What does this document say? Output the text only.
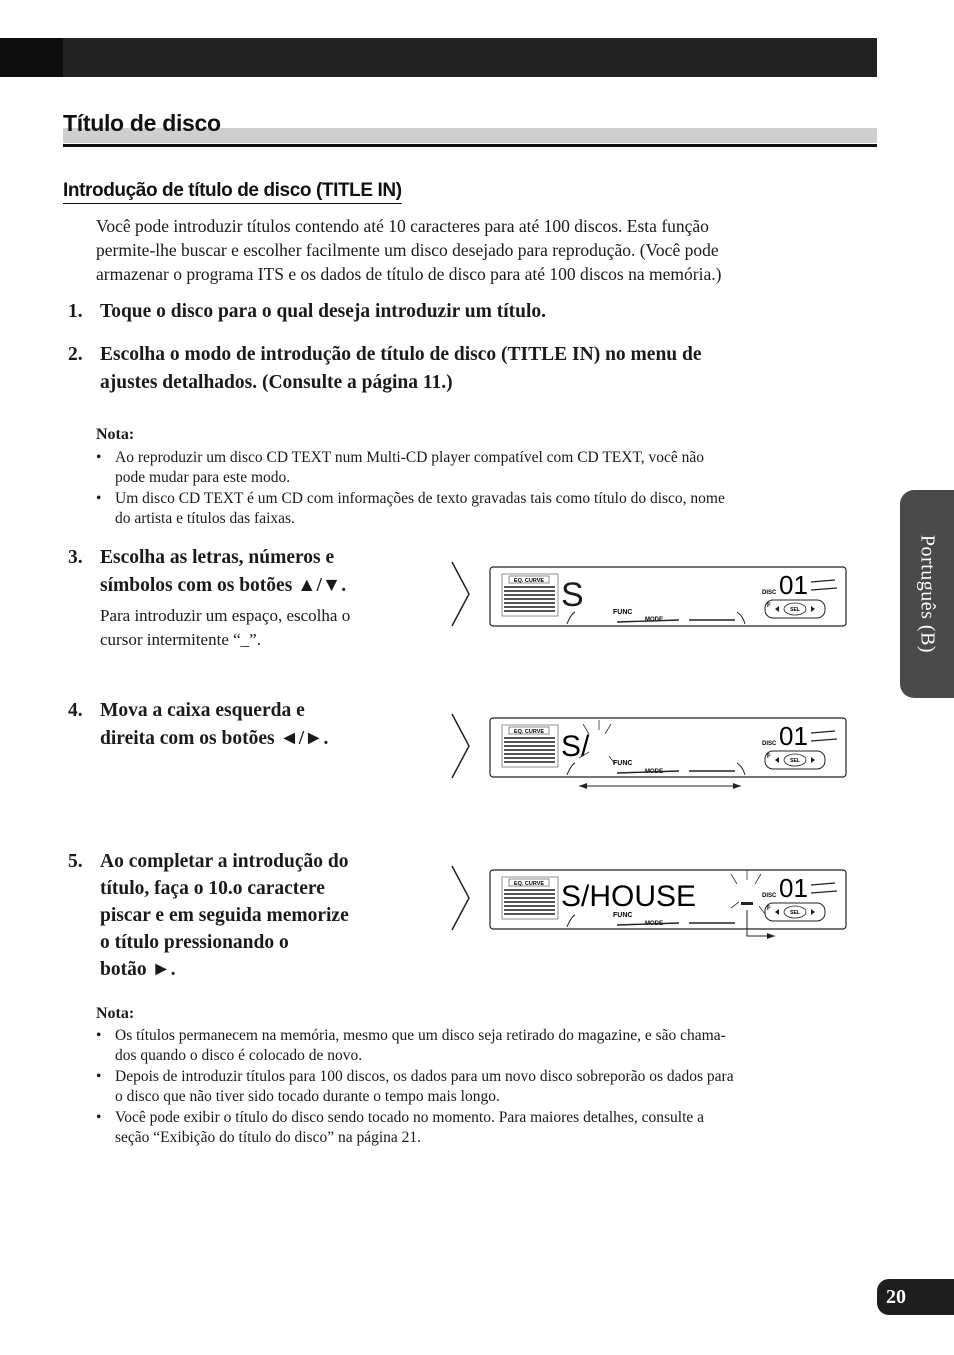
Título de disco
Introdução de título de disco (TITLE IN)
Você pode introduzir títulos contendo até 10 caracteres para até 100 discos. Esta função
permite-lhe buscar e escolher facilmente um disco desejado para reprodução. (Você pode
armazenar o programa ITS e os dados de título de disco para até 100 discos na memória.)
1. Toque o disco para o qual deseja introduzir um título.
2. Escolha o modo de introdução de título de disco (TITLE IN) no menu de
ajustes detalhados. (Consulte a página 11.)
Nota:
• Ao reproduzir um disco CD TEXT num Multi-CD player compatível com CD TEXT, você não
pode mudar para este modo.
• Um disco CD TEXT é um CD com informações de texto gravadas tais como título do disco, nome
do artista e títulos das faixas.
3. Escolha as letras, números e
símbolos com os botões ▲/▼.
Para introduzir um espaço, escolha o
cursor intermitente “_”.
4. Mova a caixa esquerda e
direita com os botões ◄/►.
5. Ao completar a introdução do
título, faça o 10.o caractere
piscar e em seguida memorize
o título pressionando o
botão ►.
Nota:
• Os títulos permanecem na memória, mesmo que um disco seja retirado do magazine, e são chama-
dos quando o disco é colocado de novo.
• Depois de introduzir títulos para 100 discos, os dados para um novo disco sobreporão os dados para
o disco que não tiver sido tocado durante o tempo mais longo.
• Você pode exibir o título do disco sendo tocado no momento. Para maiores detalhes, consulte a
seção “Exibição do título do disco” na página 21.
EQ. CURVE S	FUNC
MODE
DISC 01
F
SEL
EQ. CURVE S/
FUNC
MODE
DISC 01
F
SEL
EQ. CURVE S/HOUSE
FUNC
MODE
DISC 01
F
SEL
Português (B)
20
